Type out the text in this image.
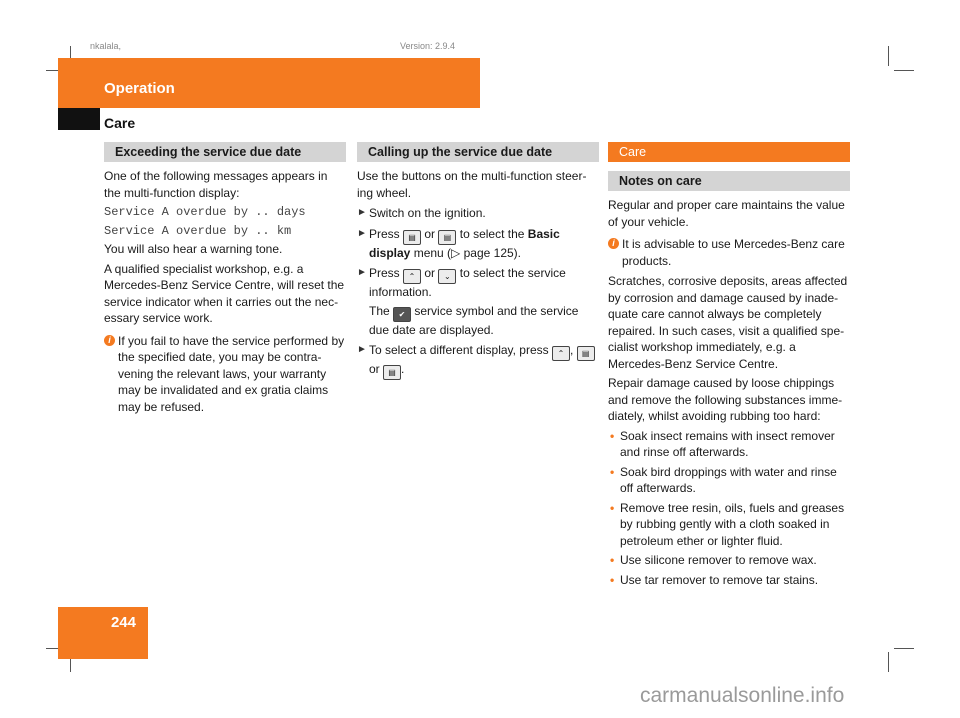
nkalala,	Version: 2.9.4
Operation
Care
Exceeding the service due date

One of the following messages appears in the multi-function display:

Service A overdue by .. days

Service A overdue by .. km

You will also hear a warning tone.

A qualified specialist workshop, e.g. a Mercedes-Benz Service Centre, will reset the service indicator when it carries out the nec-essary service work.

i If you fail to have the service performed by the specified date, you may be contra-vening the relevant laws, your warranty may be invalidated and ex gratia claims may be refused.
Calling up the service due date

Use the buttons on the multi-function steer-ing wheel.

► Switch on the ignition.
► Press ▤ or ▤ to select the Basic display menu (▷ page 125).
► Press ⌃ or ⌄ to select the service information.

The ✔ service symbol and the service due date are displayed.

► To select a different display, press ⌃ , ▤ or ▤ .
Care
Notes on care

Regular and proper care maintains the value of your vehicle.

i It is advisable to use Mercedes-Benz care products.

Scratches, corrosive deposits, areas affected by corrosion and damage caused by inade-quate care cannot always be completely repaired. In such cases, visit a qualified spe-cialist workshop immediately, e.g. a Mercedes-Benz Service Centre.

Repair damage caused by loose chippings and remove the following substances imme-diately, whilst avoiding rubbing too hard:

• Soak insect remains with insect remover and rinse off afterwards.
• Soak bird droppings with water and rinse off afterwards.
• Remove tree resin, oils, fuels and greases by rubbing gently with a cloth soaked in petroleum ether or lighter fluid.
• Use silicone remover to remove wax.
• Use tar remover to remove tar stains.
244
carmanualsonline.info
